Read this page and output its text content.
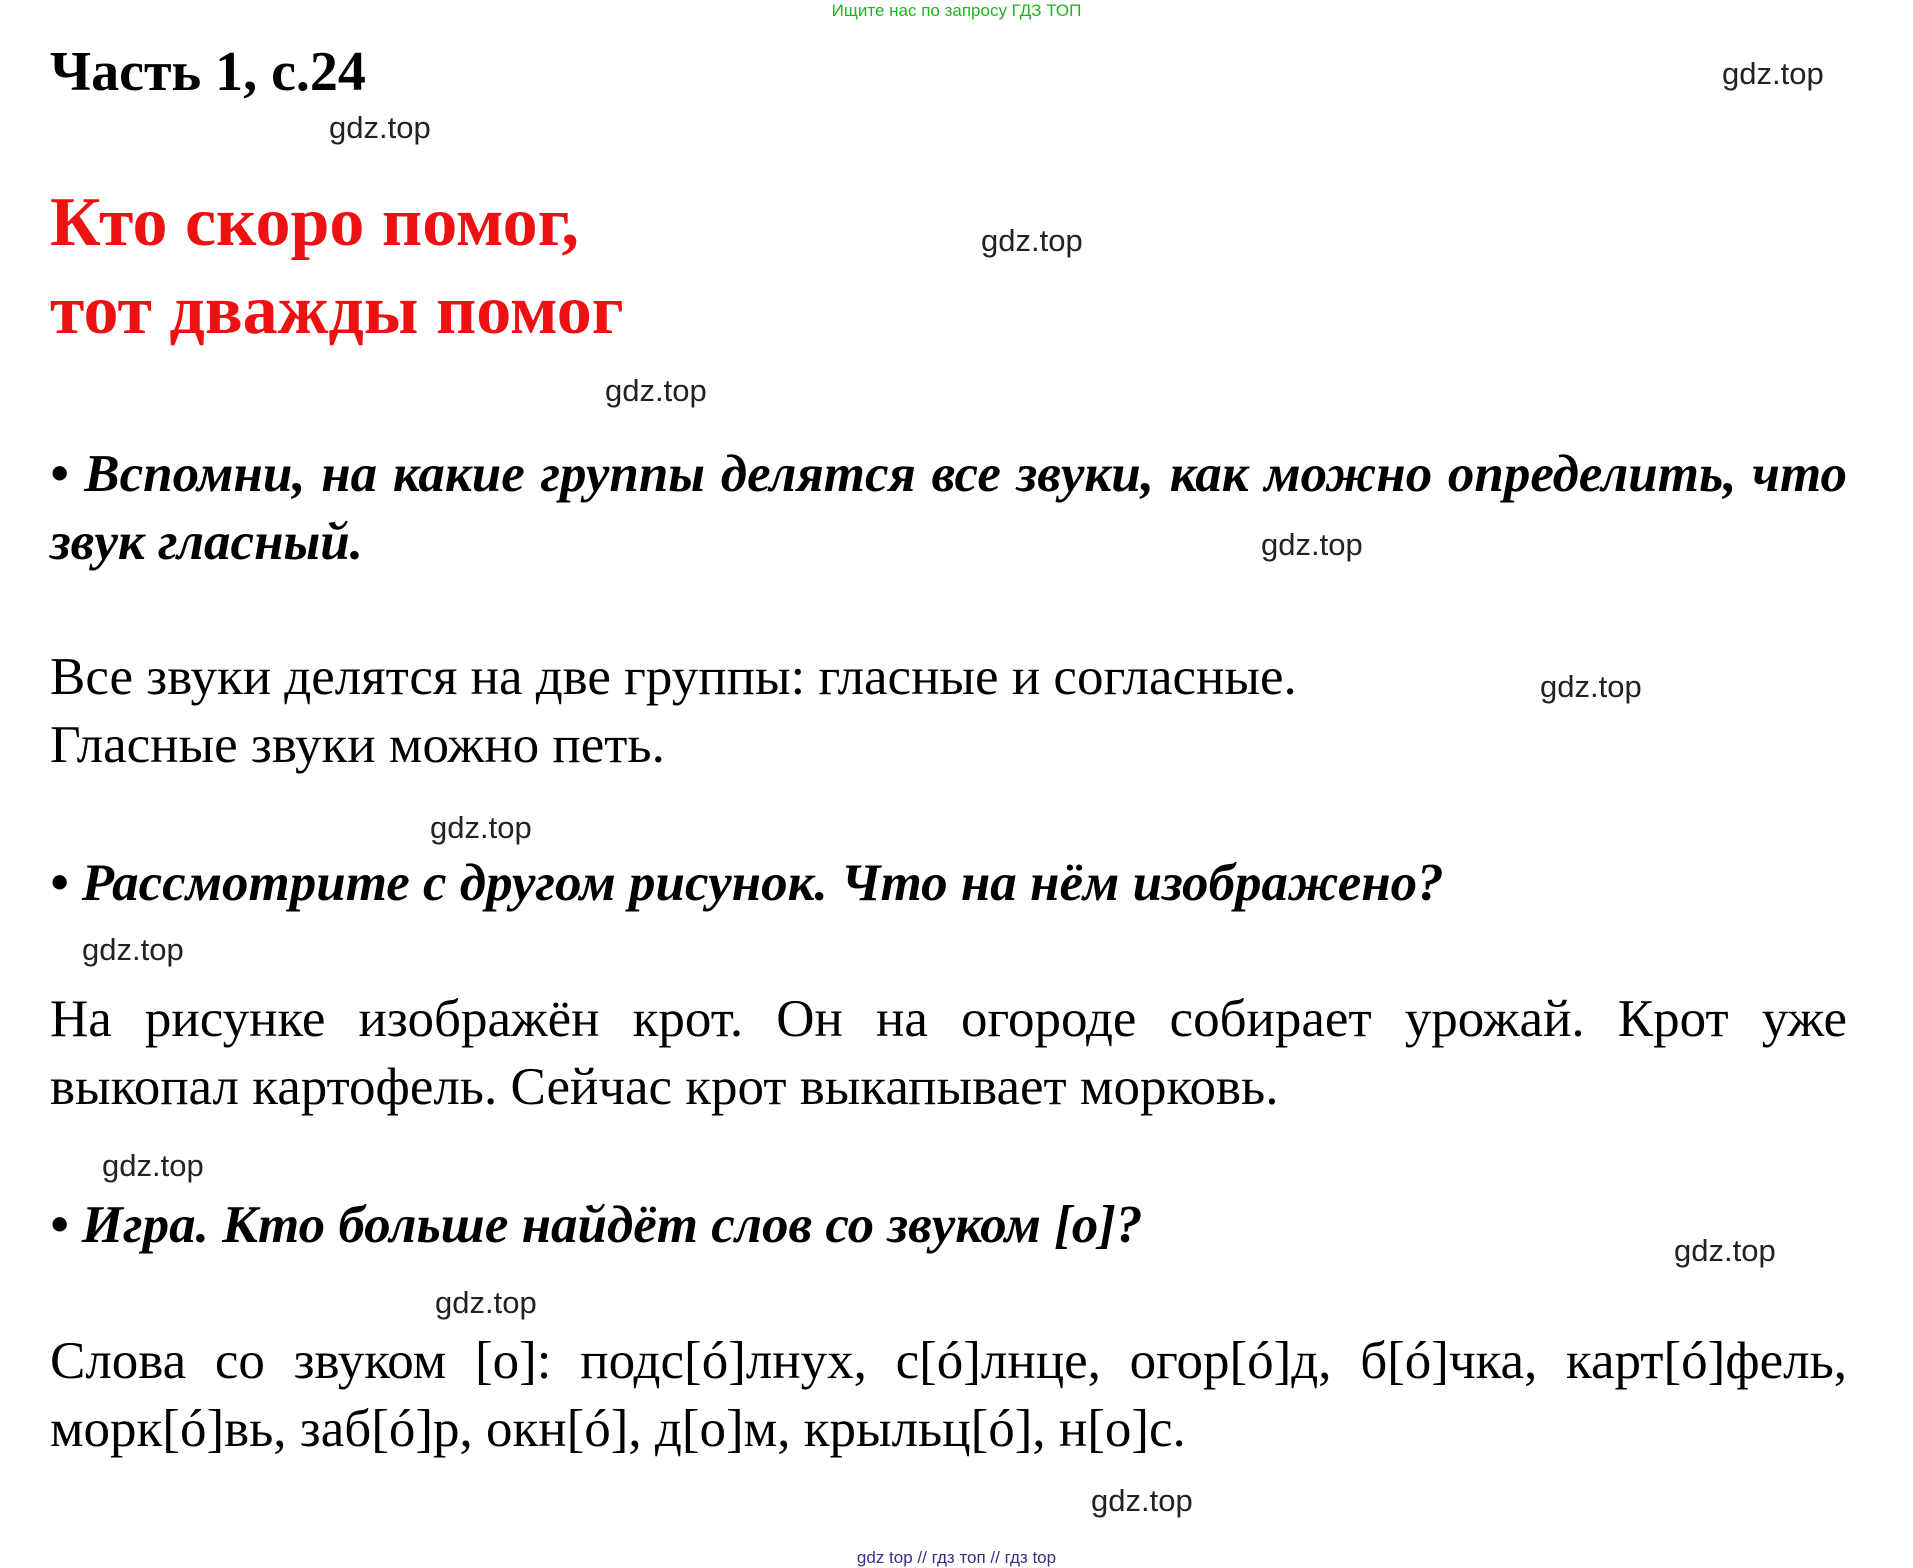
Ищите нас по запросу ГДЗ ТОП
Часть 1, с.24
Кто скоро помог,
тот дважды помог
• Вспомни, на какие группы делятся все звуки, как можно определить, что звук гласный.
Все звуки делятся на две группы: гласные и согласные.
Гласные звуки можно петь.
• Рассмотрите с другом рисунок. Что на нём изображено?
На рисунке изображён крот. Он на огороде собирает урожай. Крот уже выкопал картофель. Сейчас крот выкапывает морковь.
• Игра. Кто больше найдёт слов со звуком [о]?
Слова со звуком [о]: подс[ó]лнух, с[ó]лнце, огор[ó]д, б[ó]чка, карт[ó]фель, морк[ó]вь, заб[ó]р, окн[ó], д[о]м, крыльц[ó], н[о]с.
gdz.top
gdz.top
gdz.top
gdz.top
gdz.top
gdz.top
gdz.top
gdz.top
gdz.top
gdz.top
gdz.top
gdz.top
gdz top // гдз топ // гдз top
